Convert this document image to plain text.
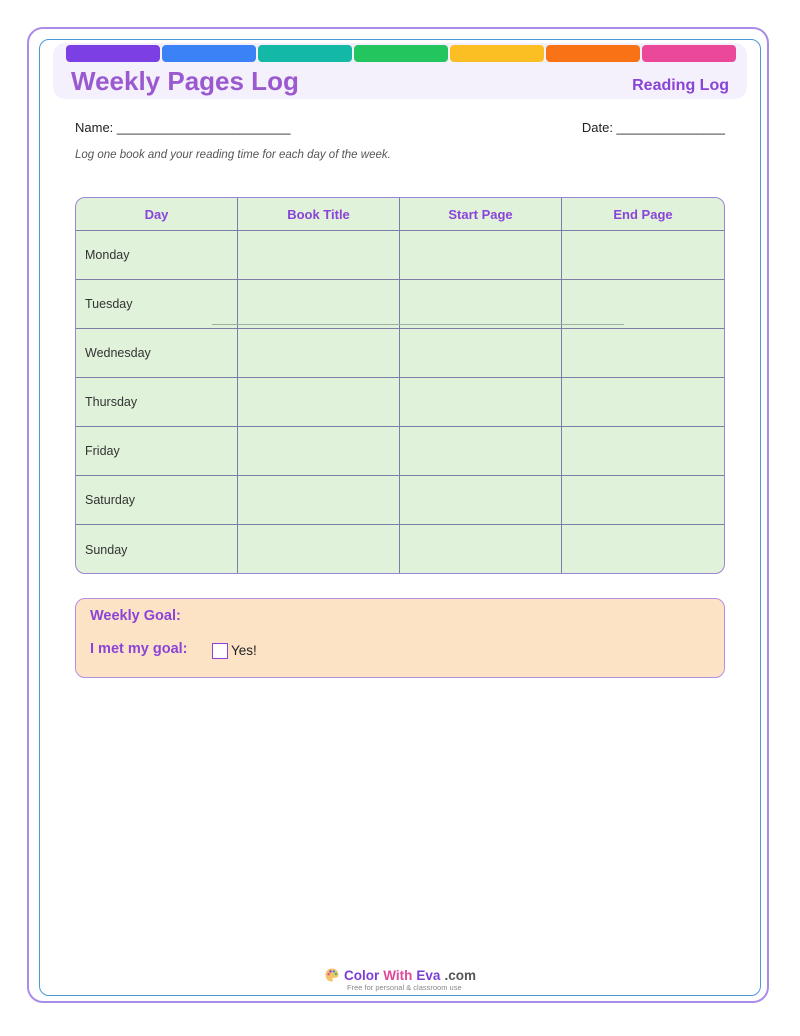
Weekly Pages Log	Reading Log
Name: ________________________	Date: _______________
Log one book and your reading time for each day of the week.
Day	Book Title	Start Page	End Page
Monday
Tuesday
Wednesday
Thursday
Friday
Saturday
Sunday
Weekly Goal:
I met my goal:	Yes!
Color With Eva .com
Free for personal & classroom use
